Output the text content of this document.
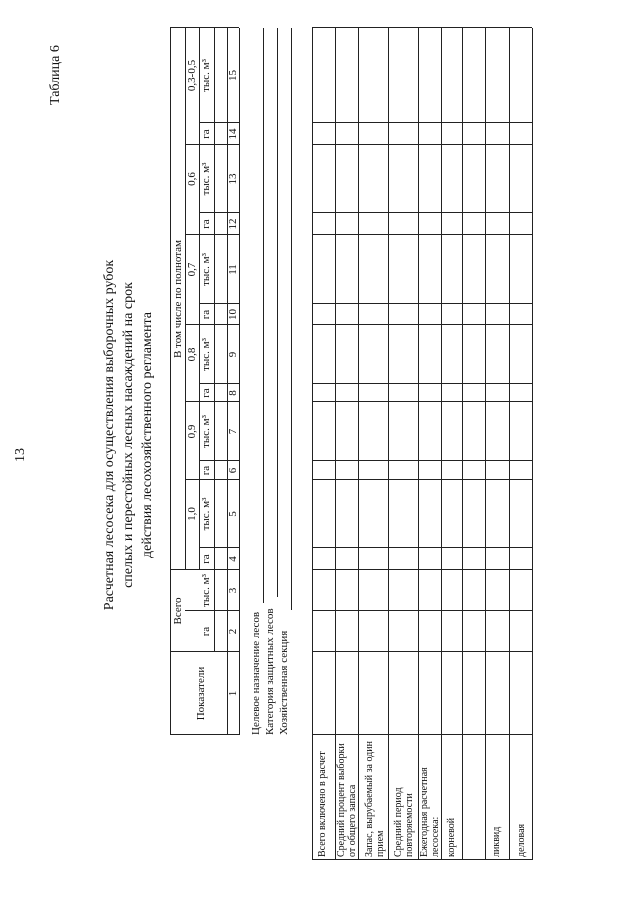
13
Таблица 6
Расчетная лесосека для осуществления выборочных рубок спелых и перестойных лесных насаждений на срок действия лесохозяйственного регламента
Показатели
Всего
В том числе по полнотам
1,0
0,9
0,8
0,7
0,6
0,3-0,5
га
тыс. м³
га
тыс. м³
га
тыс. м³
га
тыс. м³
га
тыс. м³
га
тыс. м³
га
тыс. м³
1
2
3
4
5
6
7
8
9
10
11
12
13
14
15
Целевое назначение лесов Категория защитных лесов Хозяйственная секция
Всего включено в расчет Средний процент выборки от общего запаса Запас, вырубаемый за один прием Средний период повторяемости Ежегодная расчетная лесосека: корневой	ликвид деловая
